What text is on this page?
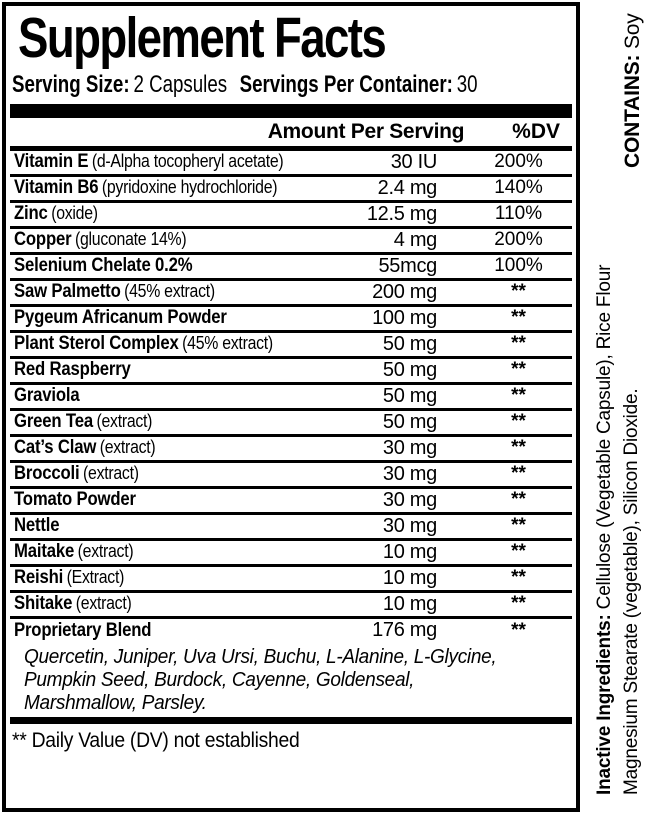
Supplement Facts
Serving Size: 2 Capsules Servings Per Container: 30
Amount Per Serving %DV		

Vitamin E (d-Alpha tocopheryl acetate)	30 IU	200%
Vitamin B6 (pyridoxine hydrochloride)	2.4 mg	140%
Zinc (oxide)	12.5 mg	110%
Copper (gluconate 14%)	4 mg	200%
Selenium Chelate 0.2%	55mcg	100%
Saw Palmetto (45% extract)	200 mg	**
Pygeum Africanum Powder	100 mg	**
Plant Sterol Complex (45% extract)	50 mg	**
Red Raspberry	50 mg	**
Graviola	50 mg	**
Green Tea (extract)	50 mg	**
Cat’s Claw (extract)	30 mg	**
Broccoli (extract)	30 mg	**
Tomato Powder	30 mg	**
Nettle	30 mg	**
Maitake (extract)	10 mg	**
Reishi (Extract)	10 mg	**
Shitake (extract)	10 mg	**
Proprietary Blend	176 mg	**
Quercetin, Juniper, Uva Ursi, Buchu, L-Alanine, L-Glycine,
Pumpkin Seed, Burdock, Cayenne, Goldenseal,
Marshmallow, Parsley.
** Daily Value (DV) not established
CONTAINS: Soy
Inactive Ingredients: Cellulose (Vegetable Capsule), Rice Flour Magnesium Stearate (vegetable), Silicon Dioxide.
